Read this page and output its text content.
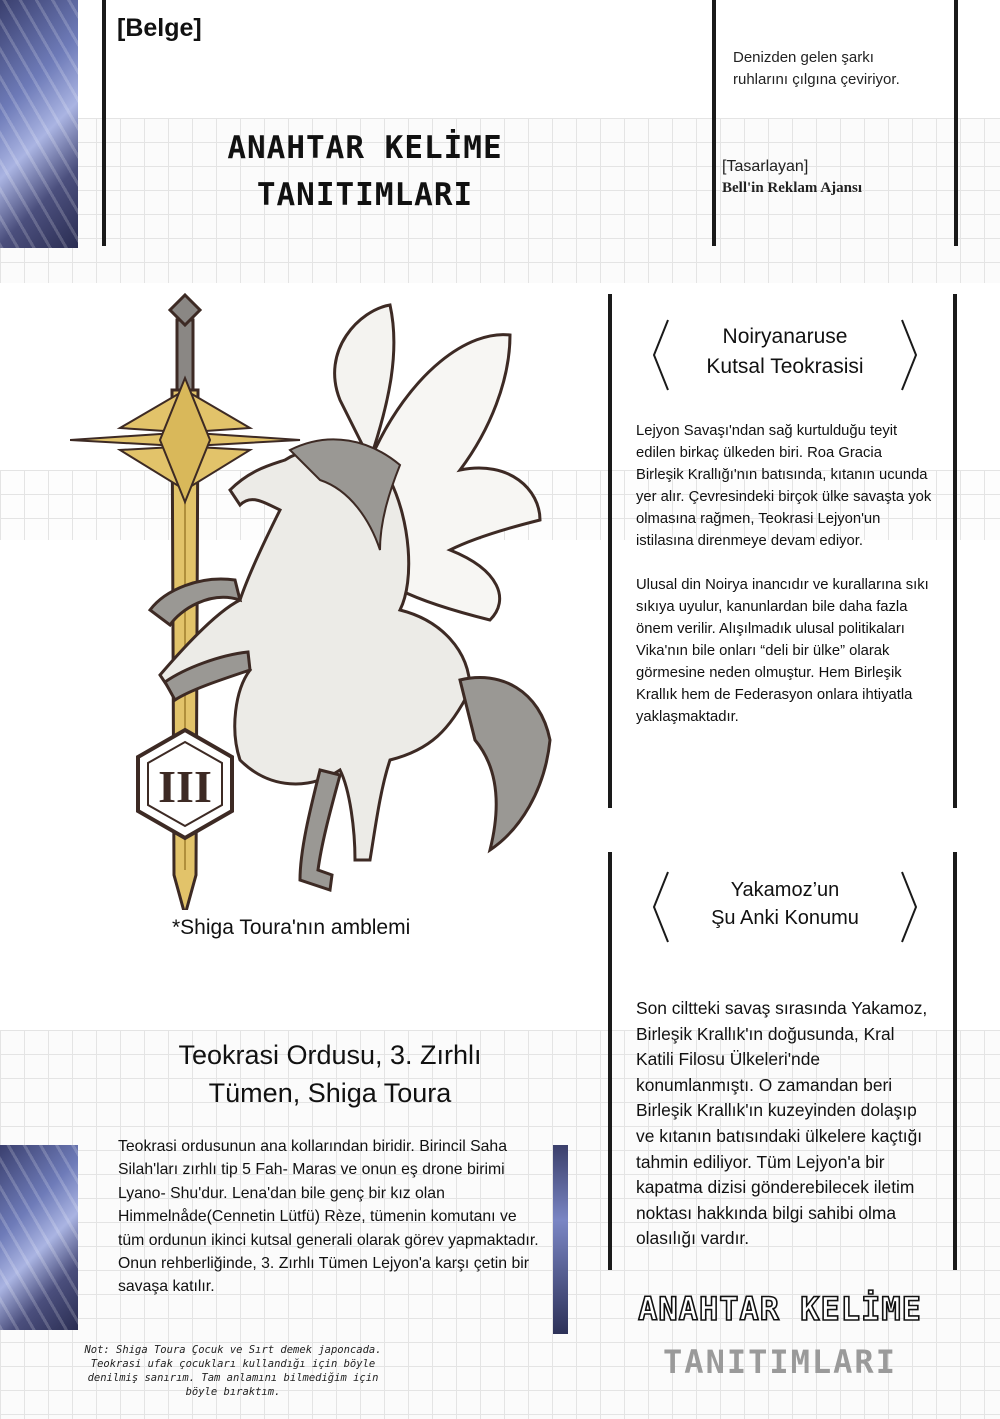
[Belge]
ANAHTAR KELİME
TANITIMLARI
Denizden gelen şarkı
ruhlarını çılgına çeviriyor.
[Tasarlayan]
Bell'in Reklam Ajansı
III
*Shiga Toura'nın amblemi
Noiryanaruse
Kutsal Teokrasisi

Lejyon Savaşı'ndan sağ kurtulduğu teyit edilen birkaç ülkeden biri. Roa Gracia Birleşik Krallığı'nın batısında, kıtanın ucunda yer alır. Çevresindeki birçok ülke savaşta yok olmasına rağmen, Teokrasi Lejyon'un istilasına direnmeye devam ediyor.

Ulusal din Noirya inancıdır ve kurallarına sıkı sıkıya uyulur, kanunlardan bile daha fazla önem verilir. Alışılmadık ulusal politikaları Vika'nın bile onları “deli bir ülke” olarak görmesine neden olmuştur. Hem Birleşik Krallık hem de Federasyon onlara ihtiyatla yaklaşmaktadır.

Yakamoz’un
Şu Anki Konumu
Son ciltteki savaş sırasında Yakamoz, Birleşik Krallık'ın doğusunda, Kral Katili Filosu Ülkeleri'nde konumlanmıştı. O zamandan beri Birleşik Krallık'ın kuzeyinden dolaşıp ve kıtanın batısındaki ülkelere kaçtığı tahmin ediliyor. Tüm Lejyon'a bir kapatma dizisi gönderebilecek iletim noktası hakkında bilgi sahibi olma olasılığı vardır.
Teokrasi Ordusu, 3. Zırhlı
Tümen, Shiga Toura
Teokrasi ordusunun ana kollarından biridir. Birincil Saha Silah'ları zırhlı tip 5 Fah- Maras ve onun eş drone birimi Lyano- Shu'dur. Lena'dan bile genç bir kız olan Himmelnåde(Cennetin Lütfü) Rèze, tümenin komutanı ve tüm ordunun ikinci kutsal generali olarak görev yapmaktadır. Onun rehberliğinde, 3. Zırhlı Tümen Lejyon'a karşı çetin bir savaşa katılır.
Not: Shiga Toura Çocuk ve Sırt demek japoncada. Teokrasi ufak çocukları kullandığı için böyle denilmiş sanırım. Tam anlamını bilmediğim için böyle bıraktım.
ANAHTAR KELİME
TANITIMLARI
